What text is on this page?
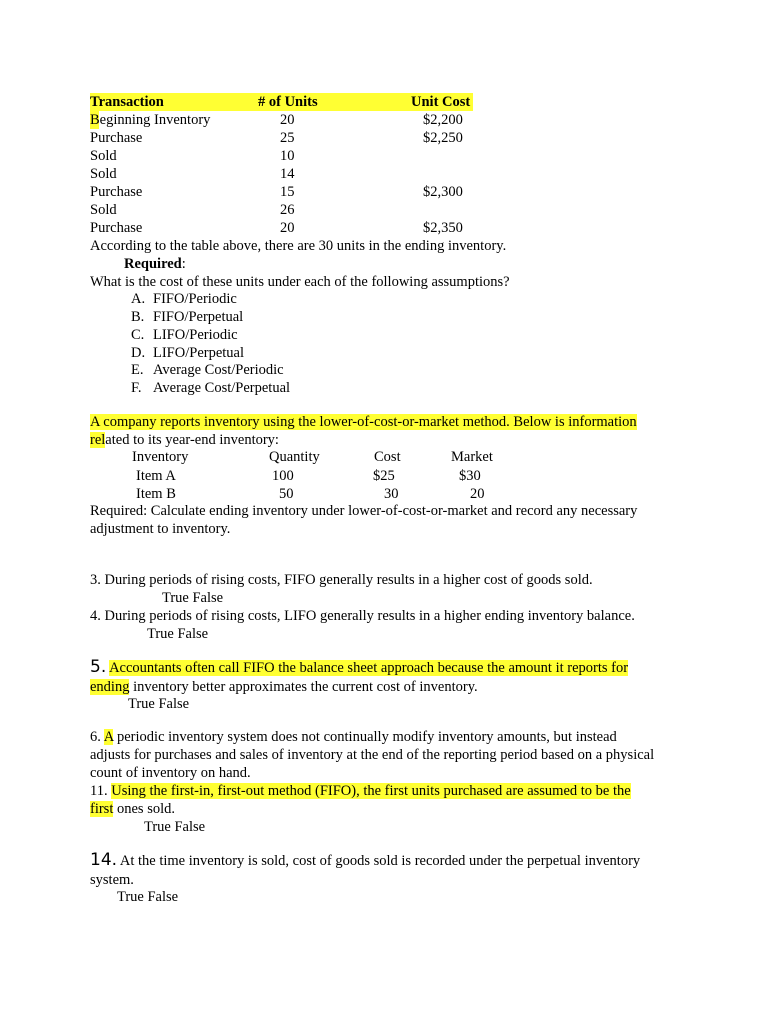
Transaction	# of Units	Unit Cost
Beginning Inventory	20	$2,200
Purchase	25	$2,250
Sold	10
Sold	14
Purchase	15	$2,300
Sold	26
Purchase	20	$2,350
According to the table above, there are 30 units in the ending inventory.
Required:
What is the cost of these units under each of the following assumptions?
A. FIFO/Periodic
B. FIFO/Perpetual
C. LIFO/Periodic
D. LIFO/Perpetual
E. Average Cost/Periodic
F. Average Cost/Perpetual
A company reports inventory using the lower-of-cost-or-market method. Below is information
related to its year-end inventory:
Inventory	Quantity	Cost	Market
Item A	100	$25	$30
Item B	50	30	20
Required: Calculate ending inventory under lower-of-cost-or-market and record any necessary
adjustment to inventory.
3. During periods of rising costs, FIFO generally results in a higher cost of goods sold.
True False
4. During periods of rising costs, LIFO generally results in a higher ending inventory balance.
True False
5. Accountants often call FIFO the balance sheet approach because the amount it reports for
ending inventory better approximates the current cost of inventory.
True False
6. A periodic inventory system does not continually modify inventory amounts, but instead
adjusts for purchases and sales of inventory at the end of the reporting period based on a physical
count of inventory on hand.
11. Using the first-in, first-out method (FIFO), the first units purchased are assumed to be the
first ones sold.
True False
14. At the time inventory is sold, cost of goods sold is recorded under the perpetual inventory
system.
True False
